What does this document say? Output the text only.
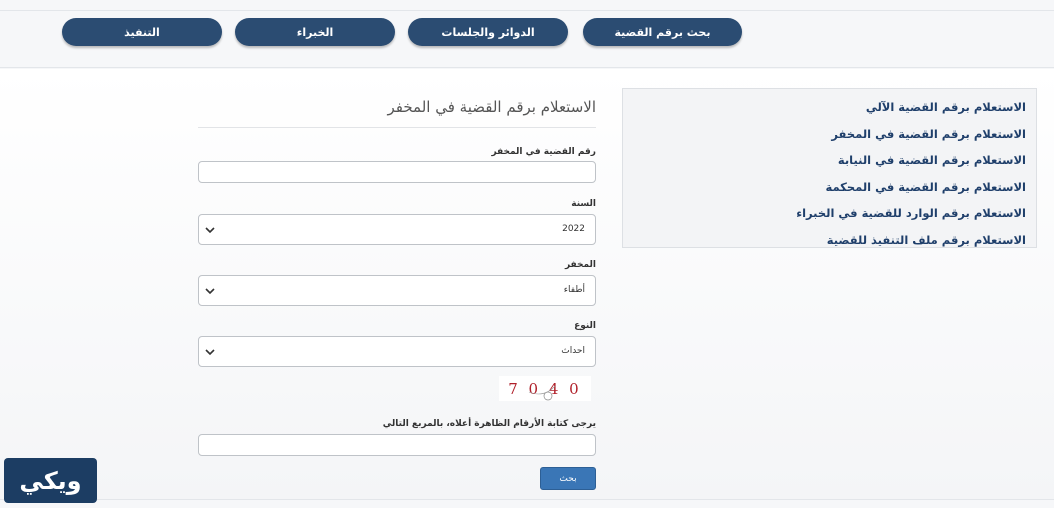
بحث برقم القضية
الدوائر والجلسات
الخبراء
التنفيذ
الاستعلام برقم القضية الآلي
الاستعلام برقم القضية في المخفر
الاستعلام برقم القضية في النيابة
الاستعلام برقم القضية في المحكمة
الاستعلام برقم الوارد للقضية في الخبراء
الاستعلام برقم ملف التنفيذ للقضية
الاستعلام برقم القضية في المخفر
رقم القضية في المخفر
السنة
2022
المخفر
أطفاء
النوع
احداث
7 0 4 0
يرجى كتابة الأرقام الظاهرة أعلاه، بالمربع التالي
بحث
ويكي
